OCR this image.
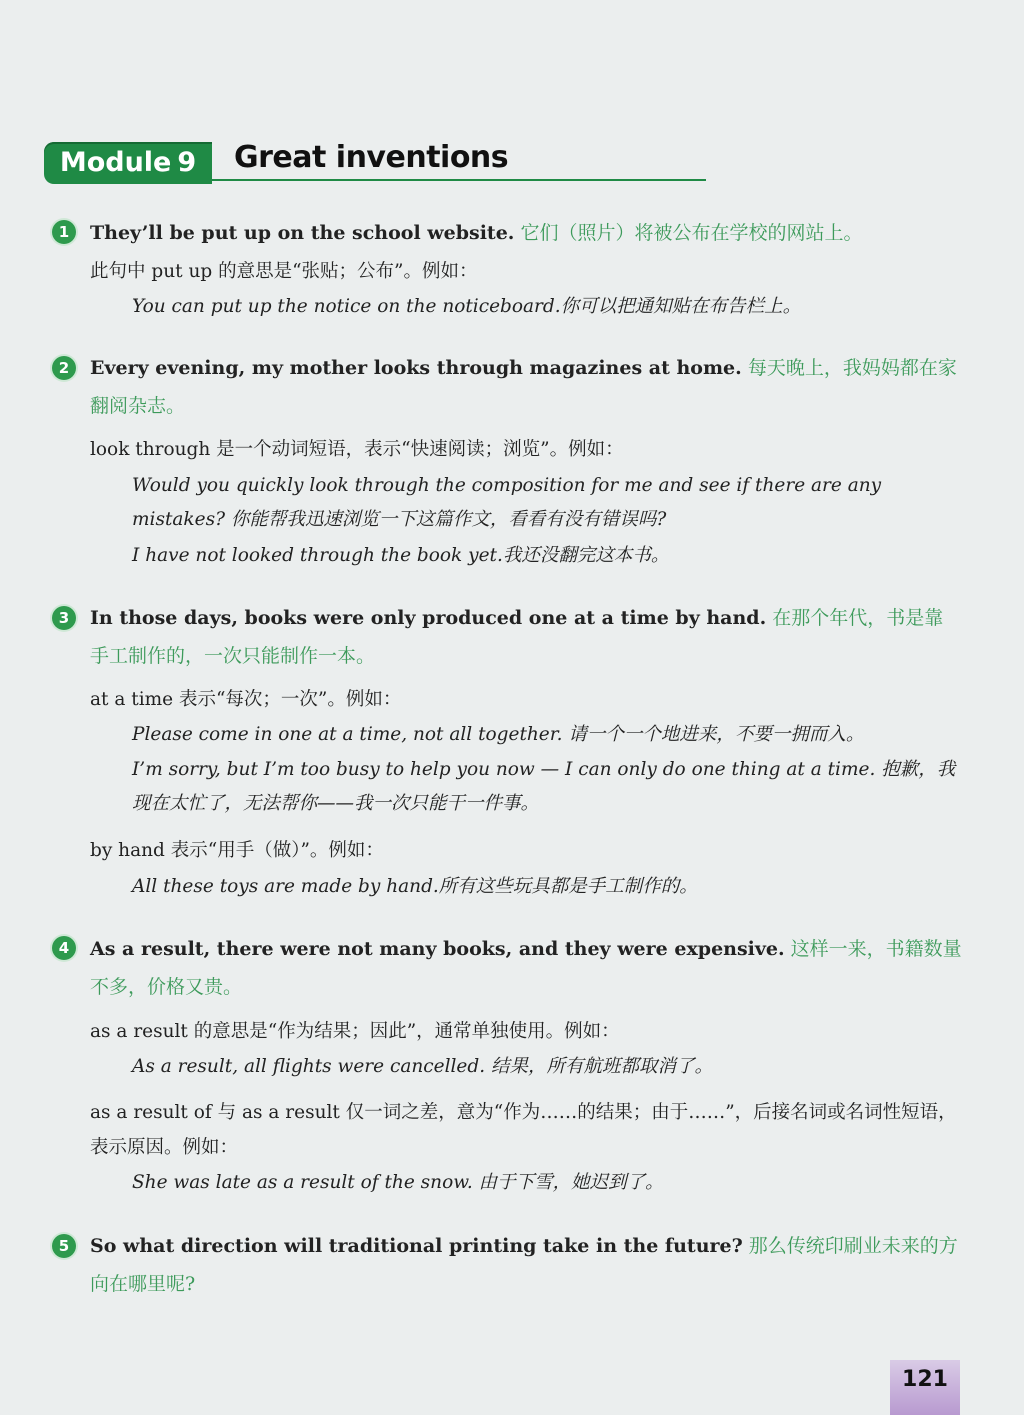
Module 9	Great inventions
1	They’ll be put up on the school website. 它们（照片）将被公布在学校的网站上。
此句中 put up 的意思是“张贴；公布”。例如：
You can put up the notice on the noticeboard.你可以把通知贴在布告栏上。
2	Every evening, my mother looks through magazines at home. 每天晚上，我妈妈都在家翻阅杂志。
look through 是一个动词短语，表示“快速阅读；浏览”。例如：
Would you quickly look through the composition for me and see if there are any mistakes? 你能帮我迅速浏览一下这篇作文，看看有没有错误吗?
I have not looked through the book yet.我还没翻完这本书。
3	In those days, books were only produced one at a time by hand. 在那个年代，书是靠手工制作的，一次只能制作一本。
at a time 表示“每次；一次”。例如：
Please come in one at a time, not all together. 请一个一个地进来，不要一拥而入。
I’m sorry, but I’m too busy to help you now — I can only do one thing at a time. 抱歉，我现在太忙了，无法帮你——我一次只能干一件事。
by hand 表示“用手（做）”。例如：
All these toys are made by hand.所有这些玩具都是手工制作的。
4	As a result, there were not many books, and they were expensive. 这样一来，书籍数量不多，价格又贵。
as a result 的意思是“作为结果；因此”，通常单独使用。例如：
As a result, all flights were cancelled. 结果，所有航班都取消了。
as a result of 与 as a result 仅一词之差，意为“作为……的结果；由于……”，后接名词或名词性短语，表示原因。例如：
She was late as a result of the snow. 由于下雪，她迟到了。
5	So what direction will traditional printing take in the future? 那么传统印刷业未来的方向在哪里呢?
121
